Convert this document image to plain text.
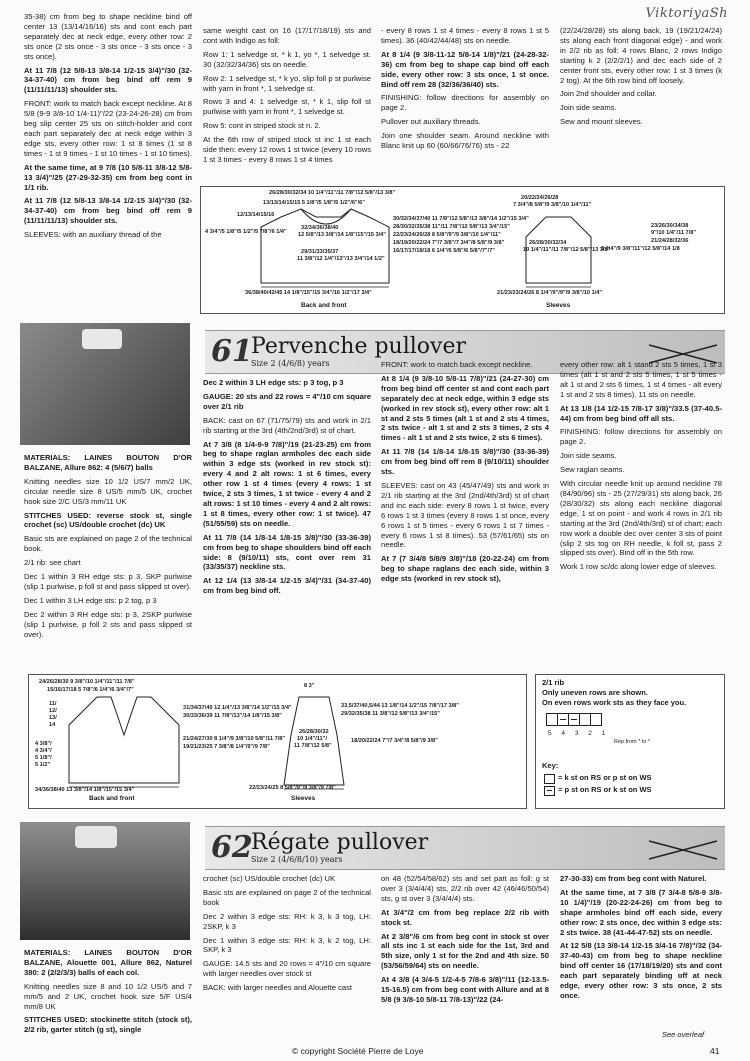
ViktoriyaSh

35-38) cm from beg to shape neckline bind off center 13 (13/14/16/16) sts and cont each part separately dec at neck edge, every other row: 2 sts once (2 sts once - 3 sts once - 3 sts once - 3 sts once).

At 11 7/8 (12 5/8-13 3/8-14 1/2-15 3/4)"/30 (32-34-37-40) cm from beg bind off rem 9 (11/11/11/13) shoulder sts.

FRONT: work to match back except neckline. At 8 5/8 (9-9 3/8-10 1/4-11)"/22 (23-24-26-28) cm from beg slip center 25 sts on stitch-holder and cont each part separately dec at neck edge within 3 edge sts, every other row: 1 st 8 times (1 st 8 times - 1 st 9 times - 1 st 10 times - 1 st 10 times).

At the same time, at 9 7/8 (10 5/8-11 3/8-12 5/8-13 3/4)"/25 (27-29-32-35) cm from beg cont in 1/1 rib.

At 11 7/8 (12 5/8-13 3/8-14 1/2-15 3/4)"/30 (32-34-37-40) cm from beg bind off rem 9 (11/11/11/13) shoulder sts.

SLEEVES: with an auxiliary thread of the

same weight cast on 16 (17/17/18/19) sts and cont with Indigo as foll:

Row 1: 1 selvedge st, * k 1, yo *, 1 selvedge st. 30 (32/32/34/36) sts on needle.

Row 2: 1 selvedge st, * k yo, slip foll p st purlwise with yarn in front *, 1 selvedge st.

Rows 3 and 4: 1 selvedge st, * k 1, slip foll st purlwise with yarn in front *, 1 selvedge st.

Row 5: cont in striped stock st n. 2.

At the 6th row of striped stock st inc 1 st each side then: every 12 rows 1 st twice (every 10 rows 1 st 3 times - every 8 rows 1 st 4 times

- every 8 rows 1 st 4 times - every 8 rows 1 st 5 times). 36 (40/42/44/48) sts on needle.

At 8 1/4 (9 3/8-11-12 5/8-14 1/8)"/21 (24-28-32-36) cm from beg to shape cap bind off each side, every other row: 3 sts once, 1 st once. Bind off rem 28 (32/36/36/40) sts.

FINISHING: follow directions for assembly on page 2.

Pullover out auxiliary threads.

Join one shoulder seam. Around neckline with Blanc knit up 60 (60/66/76/76) sts - 22

(22/24/28/28) sts along back, 19 (19/21/24/24) sts along each front diagonal edge) - and work in 2/2 rib as foll: 4 rows Blanc, 2 rows Indigo starting k 2 (2/2/2/1) and dec each side of 2 center front sts, every other row: 1 st 3 times (k 2 tog). At the 6th row bind off loosely.

Join 2nd shoulder and collar.

Join side seams.

Sew and mount sleeves.

26/28/30/32/34 10 1/4"/11"/11 7/8"/12 5/8"/13 3/8"
13/13/14/15/15 5 1/8"/5 1/8"/5 1/2"/6"/6"
12/13/14/15/16
4 3/4"/5 1/8"/5 1/2"/5 7/8"/6 1/4"
32/34/36/38/40
12 5/8"/13 3/8"/14 1/8"/15"/15 3/4"
29/31/33/35/37
11 3/8"/12 1/4"/13"/13 3/4"/14 1/2"
36/38/40/42/45 14 1/8"/15"/15 3/4"/16 1/2"/17 3/4"
30/32/34/37/40 11 7/8"/12 5/8"/13 3/8"/14 1/2"/15 3/4"
28/30/32/35/38 11"/11 7/8"/12 5/8"/13 3/4"/15"
22/23/24/26/28 8 5/8"/9"/9 3/8"/10 1/4"/11"
18/19/20/22/24 7"/7 3/8"/7 3/4"/8 5/8"/9 3/8"
16/17/17/18/18 6 1/4"/6 5/8"/6 5/8"/7"/7"
20/22/24/26/28
7 3/4"/8 5/8"/9 3/8"/10 1/4"/11"
26/28/30/32/34
10 1/4"/11"/11 7/8"/12 5/8"/13 3/8"
23/26/30/34/38
9"/10 1/4"/11 7/8"
21/24/28/32/36
8 1/4"/9 3/8"/11"/12 5/8"/14 1/8
21/23/23/24/26 8 1/4"/9"/9"/9 3/8"/10 1/4"
Back and front	Sleeves
61
Pervenche pullover
Size 2 (4/6/8) years

MATERIALS: LAINES BOUTON D'OR BALZANE, Allure 862: 4 (5/6/7) balls

Knitting needles size 10 1/2 US/7 mm/2 UK, circular needle size 8 US/5 mm/5 UK, crochet hook size 2/C US/3 mm/11 UK

STITCHES USED: reverse stock st, single crochet (sc) US/double crochet (dc) UK

Basic sts are explained on page 2 of the technical book.

2/1 rib: see chart

Dec 1 within 3 RH edge sts: p 3, SKP purlwise (slip 1 purlwise, p foll st and pass slipped st over).

Dec 1 within 3 LH edge sts: p 2 tog, p 3

Dec 2 within 3 RH edge sts: p 3, 2SKP purlwise (slip 1 purlwise, p foll 2 sts and pass slipped st over).

Dec 2 within 3 LH edge sts: p 3 tog, p 3

GAUGE: 20 sts and 22 rows = 4"/10 cm square over 2/1 rib

BACK: cast on 67 (71/75/79) sts and work in 2/1 rib starting at the 3rd (4th/2nd/3rd) st of chart.

At 7 3/8 (8 1/4-9-9 7/8)"/19 (21-23-25) cm from beg to shape raglan armholes dec each side within 3 edge sts (worked in rev stock st): every 4 and 2 alt rows: 1 st 6 times, every other row 1 st 4 times (every 4 rows: 1 st twice, 2 sts 3 times, 1 st twice - every 4 and 2 alt rows: 1 st 10 times - every 4 and 2 alt rows: 1 st 8 times, every other row: 1 st twice). 47 (51/55/59) sts on needle.

At 11 7/8 (14 1/8-14 1/8-15 3/8)"/30 (33-36-39) cm from beg to shape shoulders bind off each side: 8 (9/10/11) sts, cont over rem 31 (33/35/37) neckline sts.

At 12 1/4 (13 3/8-14 1/2-15 3/4)"/31 (34-37-40) cm from beg bind off.

FRONT: work to match back except neckline.

At 8 1/4 (9 3/8-10 5/8-11 7/8)"/21 (24-27-30) cm from beg bind off center st and cont each part separately dec at neck edge, within 3 edge sts (worked in rev stock st), every other row: alt 1 st and 2 sts 5 times (alt 1 st and 2 sts 4 times, 2 sts twice - alt 1 st and 2 sts 3 times, 2 sts 4 times - alt 1 st and 2 sts twice, 2 sts 6 times).

At 11 7/8 (14 1/8-14 1/8-15 3/8)"/30 (33-36-39) cm from beg bind off rem 8 (9/10/11) shoulder sts.

SLEEVES: cast on 43 (45/47/49) sts and work in 2/1 rib starting at the 3rd (2nd/4th/3rd) st of chart and inc each side: every 8 rows 1 st twice, every 6 rows 1 st 3 times (every 8 rows 1 st once, every 6 rows 1 st 5 times - every 6 rows 1 st 7 times - every 6 rows 1 st 8 times). 53 (57/61/65) sts on needle.

At 7 (7 3/4/8 5/8/9 3/8)"/18 (20-22-24) cm from beg to shape raglans dec each side, within 3 edge sts (worked in rev stock st),

every other row: alt 1 stand 2 sts 5 times, 1 st 3 times (alt 1 st and 2 sts 5 times, 1 st 5 times - alt 1 st and 2 sts 6 times, 1 st 4 times - alt every 1 st and 2 sts 8 times). 11 sts on needle.

At 13 1/8 (14 1/2-15 7/8-17 3/8)"/33.5 (37-40.5-44) cm from beg bind off all sts.

FINISHING: follow directions for assembly on page 2.

Join side seams.

Sew raglan seams.

With circular needle knit up around neckline 78 (84/90/96) sts - 25 (27/29/31) sts along back, 26 (28/30/32) sts along each neckline diagonal edge, 1 st on point - and work 4 rows in 2/1 rib starting at the 3rd (2nd/4th/3rd) st of chart; each row work a double dec over center 3 sts of point (slip 2 sts tog on RH needle, k foll st, pass 2 slipped sts over). Bind off in the 5th row.

Work 1 row sc/dc along lower edge of sleeves.

24/26/28/30 9 3/8"/10 1/4"/11"/11 7/8"
15/16/17/18 5 7/8"/6 1/4"/6 3/4"/7"
11/
12/
13/
14
4 3/8"/
4 3/4"/
5 1/8"/
5 1/2"
31/34/37/40 12 1/4"/13 3/8"/14 1/2"/15 3/4"
30/33/36/39 11 7/8"/13"/14 1/8"/15 3/8"
21/24/27/30 8 1/4"/9 3/8"/10 5/8"/11 7/8"
19/21/23/25 7 3/8"/8 1/4"/9"/9 7/8"
34/36/38/40 13 3/8"/14 1/8"/15"/15 3/4"
8 3"
26/28/30/32
10 1/4"/11"/
11 7/8"/12 5/8"
33,5/37/40,5/44 13 1/8"/14 1/2"/15 7/8"/17 3/8"
29/32/35/38 11 3/8"/12 5/8"/13 3/4"/15"
18/20/22/24 7"/7 3/4"/8 5/8"/9 3/8"
22/23/24/25 8 5/8"/9"/9 3/8"/9 7/8"
Back and front	Sleeves
2/1 rib
Only uneven rows are shown.
On even rows work sts as they face you.
5 4 3 2 1
Rep from * to *
Key:
= k st on RS or p st on WS
= p st on RS or k st on WS
62
Régate pullover
Size 2 (4/6/8/10) years

MATERIALS: LAINES BOUTON D'OR BALZANE, Alouette 001, Allure 862, Naturel 380: 2 (2/2/3/3) balls of each col.

Knitting needles size 8 and 10 1/2 US/5 and 7 mm/5 and 2 UK, crochet hook size 5/F US/4 mm/8 UK

STITCHES USED: stockinette stitch (stock st), 2/2 rib, garter stitch (g st), single

crochet (sc) US/double crochet (dc) UK

Basic sts are explained on page 2 of the technical book

Dec 2 within 3 edge sts: RH: k 3, k 3 tog, LH: 2SKP, k 3

Dec 1 within 3 edge sts: RH: k 3, k 2 tog, LH: SKP, k 3

GAUGE: 14.5 sts and 20 rows = 4"/10 cm square with larger needles over stock st

BACK: with larger needles and Alouette cast

on 48 (52/54/58/62) sts and set patt as foll: g st over 3 (3/4/4/4) sts, 2/2 rib over 42 (46/46/50/54) sts, g st over 3 (3/4/4/4) sts.

At 3/4"/2 cm from beg replace 2/2 rib with stock st.

At 2 3/8"/6 cm from beg cont in stock st over all sts inc 1 st each side for the 1st, 3rd and 5th size, only 1 st for the 2nd and 4th size. 50 (53/56/59/64) sts on needle.

At 4 3/8 (4 3/4-5 1/2-4-5 7/8-6 3/8)"/11 (12-13.5-15-16.5) cm from beg cont with Allure and at 8 5/8 (9 3/8-10 5/8-11 7/8-13)"/22 (24-

27-30-33) cm from beg cont with Naturel.

At the same time, at 7 3/8 (7 3/4-8 5/8-9 3/8-10 1/4)"/19 (20-22-24-26) cm from beg to shape armholes bind off each side, every other row: 2 sts once, dec within 3 edge sts: 2 sts twice. 38 (41-44-47-52) sts on needle.

At 12 5/8 (13 3/8-14 1/2-15 3/4-16 7/8)"/32 (34-37-40-43) cm from beg to shape neckline bind off center 16 (17/18/19/20) sts and cont each part separately binding off at neck edge, every other row: 3 sts once, 2 sts once.

See overleaf
© copyright Société Pierre de Loye	41
